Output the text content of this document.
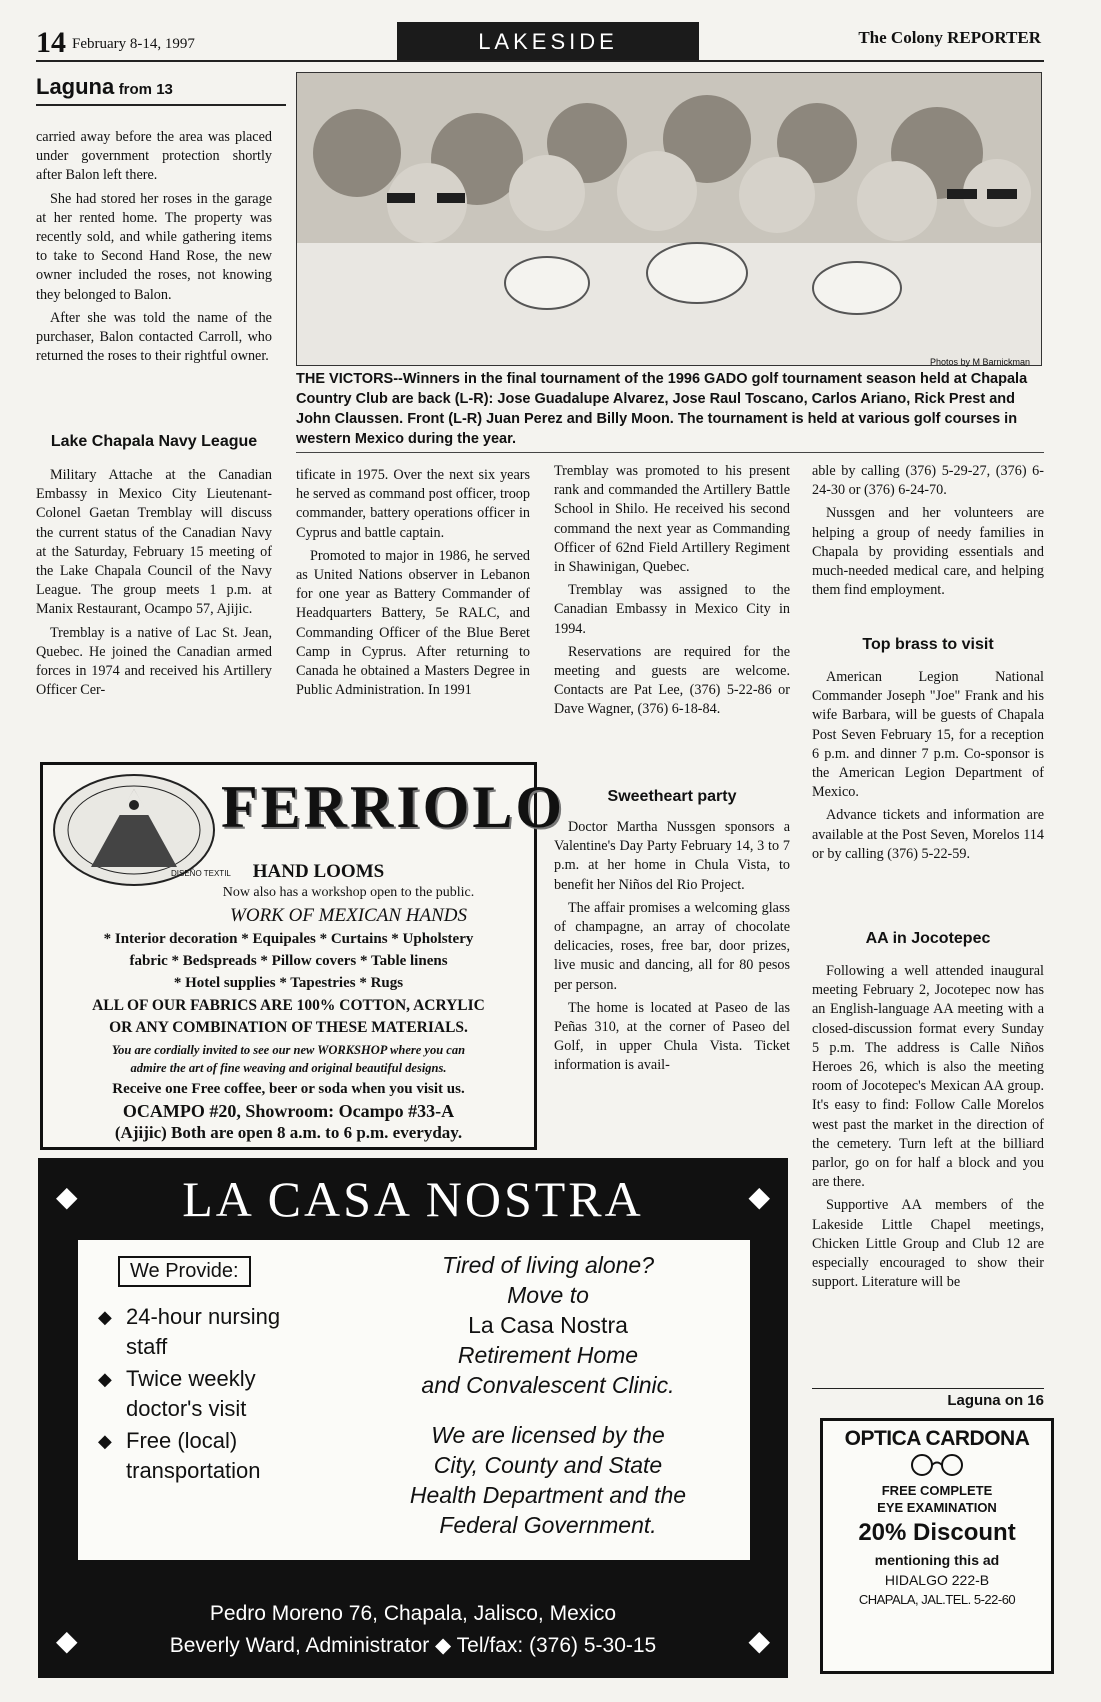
14 February 8-14, 1997	LAKESIDE	The Colony REPORTER
Laguna from 13

carried away before the area was placed under government protection shortly after Balon left there.

She had stored her roses in the garage at her rented home. The property was recently sold, and while gathering items to take to Second Hand Rose, the new owner included the roses, not knowing they belonged to Balon.

After she was told the name of the purchaser, Balon contacted Carroll, who returned the roses to their rightful owner.

Lake Chapala Navy League
Photos by M Barnickman
THE VICTORS--Winners in the final tournament of the 1996 GADO golf tournament season held at Chapala Country Club are back (L-R): Jose Guadalupe Alvarez, Jose Raul Toscano, Carlos Ariano, Rick Prest and John Claussen. Front (L-R) Juan Perez and Billy Moon. The tournament is held at various golf courses in western Mexico during the year.

Military Attache at the Canadian Embassy in Mexico City Lieutenant-Colonel Gaetan Tremblay will discuss the current status of the Canadian Navy at the Saturday, February 15 meeting of the Lake Chapala Council of the Navy League. The group meets 1 p.m. at Manix Restaurant, Ocampo 57, Ajijic.

Tremblay is a native of Lac St. Jean, Quebec. He joined the Canadian armed forces in 1974 and received his Artillery Officer Cer-

tificate in 1975. Over the next six years he served as command post officer, troop commander, battery operations officer in Cyprus and battle captain.

Promoted to major in 1986, he served as United Nations observer in Lebanon for one year as Battery Commander of Headquarters Battery, 5e RALC, and Commanding Officer of the Blue Beret Camp in Cyprus. After returning to Canada he obtained a Masters Degree in Public Administration. In 1991

Tremblay was promoted to his present rank and commanded the Artillery Battle School in Shilo. He received his second command the next year as Commanding Officer of 62nd Field Artillery Regiment in Shawinigan, Quebec.

Tremblay was assigned to the Canadian Embassy in Mexico City in 1994.

Reservations are required for the meeting and guests are welcome. Contacts are Pat Lee, (376) 5-22-86 or Dave Wagner, (376) 6-18-84.

Sweetheart party

Doctor Martha Nussgen sponsors a Valentine's Day Party February 14, 3 to 7 p.m. at her home in Chula Vista, to benefit her Niños del Rio Project.

The affair promises a welcoming glass of champagne, an array of chocolate delicacies, roses, free bar, door prizes, live music and dancing, all for 80 pesos per person.

The home is located at Paseo de las Peñas 310, at the corner of Paseo del Golf, in upper Chula Vista. Ticket information is avail-

able by calling (376) 5-29-27, (376) 6-24-30 or (376) 6-24-70.

Nussgen and her volunteers are helping a group of needy families in Chapala by providing essentials and much-needed medical care, and helping them find employment.

Top brass to visit

American Legion National Commander Joseph "Joe" Frank and his wife Barbara, will be guests of Chapala Post Seven February 15, for a reception 6 p.m. and dinner 7 p.m. Co-sponsor is the American Legion Department of Mexico.

Advance tickets and information are available at the Post Seven, Morelos 114 or by calling (376) 5-22-59.

AA in Jocotepec

Following a well attended inaugural meeting February 2, Jocotepec now has an English-language AA meeting with a closed-discussion format every Sunday 5 p.m. The address is Calle Niños Heroes 26, which is also the meeting room of Jocotepec's Mexican AA group. It's easy to find: Follow Calle Morelos west past the market in the direction of the cemetery. Turn left at the billiard parlor, go on for half a block and you are there.

Supportive AA members of the Lakeside Little Chapel meetings, Chicken Little Group and Club 12 are especially encouraged to show their support. Literature will be

Laguna on 16
DISEÑO TEXTIL
FERRIOLO
HAND LOOMS
Now also has a workshop open to the public.
WORK OF MEXICAN HANDS
* Interior decoration * Equipales * Curtains * Upholstery
fabric * Bedspreads * Pillow covers * Table linens
* Hotel supplies * Tapestries * Rugs
ALL OF OUR FABRICS ARE 100% COTTON, ACRYLIC
OR ANY COMBINATION OF THESE MATERIALS.
You are cordially invited to see our new WORKSHOP where you can
admire the art of fine weaving and original beautiful designs.
Receive one Free coffee, beer or soda when you visit us.
OCAMPO #20, Showroom: Ocampo #33-A
(Ajijic) Both are open 8 a.m. to 6 p.m. everyday.
◆	◆
LA CASA NOSTRA
We Provide:
◆ 24-hour nursing staff
◆ Twice weekly doctor's visit
◆ Free (local) transportation
Tired of living alone?
Move to
La Casa Nostra
Retirement Home
and Convalescent Clinic.
We are licensed by the
City, County and State
Health Department and the
Federal Government.
◆	◆
Pedro Moreno 76, Chapala, Jalisco, Mexico
Beverly Ward, Administrator ◆ Tel/fax: (376) 5-30-15
OPTICA CARDONA
FREE COMPLETE
EYE EXAMINATION
20% Discount
mentioning this ad
HIDALGO 222-B
CHAPALA, JAL.TEL. 5-22-60
